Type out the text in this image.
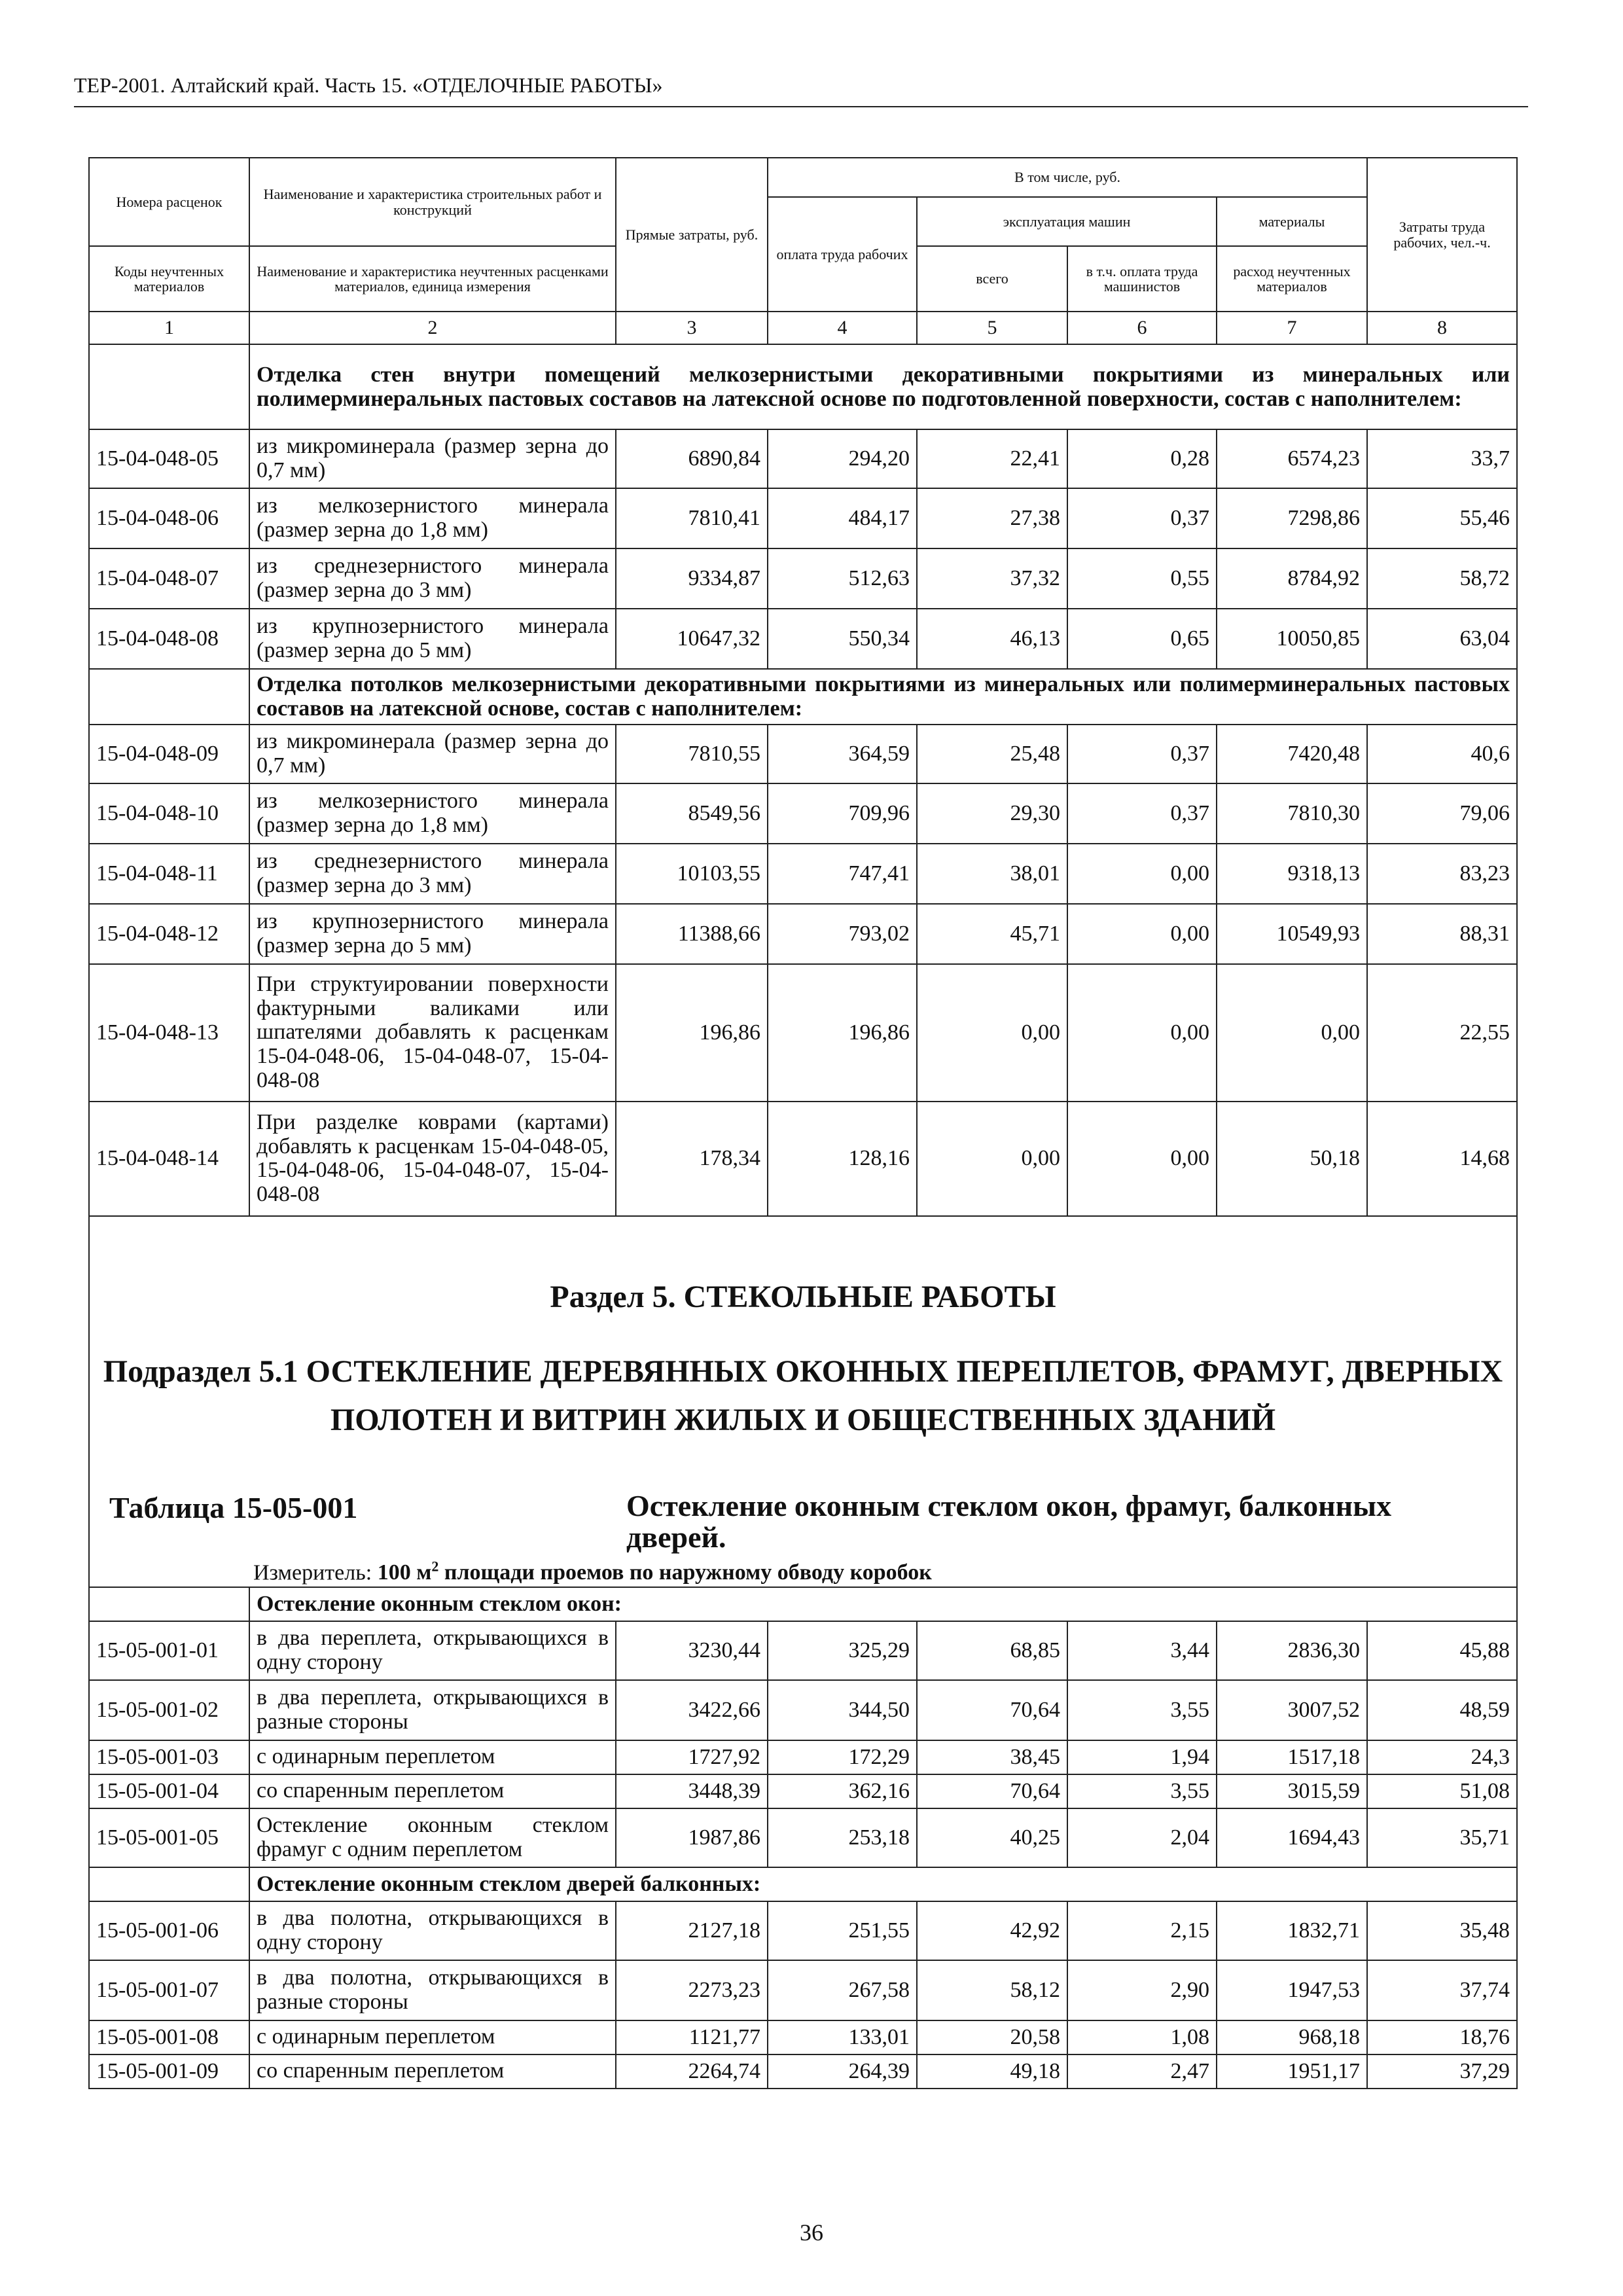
ТЕР-2001. Алтайский край. Часть 15. «ОТДЕЛОЧНЫЕ РАБОТЫ»
Номера расценок	Наименование и характеристика строительных работ и конструкций	Прямые затраты, руб.	В том числе, руб.				Затраты труда рабочих, чел.-ч.
			оплата труда рабочих	эксплуатация машин		материалы	
Коды неучтенных материалов	Наименование и характеристика неучтенных расценками материалов, единица измерения			всего	в т.ч. оплата труда машинистов	расход неучтенных материалов	
1	2	3	4	5	6	7	8
	Отделка стен внутри помещений мелкозернистыми декоративными покрытиями из минеральных или полимерминеральных пастовых составов на латексной основе по подготовленной поверхности, состав с наполнителем:						
15-04-048-05	из микроминерала (размер зерна до 0,7 мм)	6890,84	294,20	22,41	0,28	6574,23	33,7
15-04-048-06	из мелкозернистого минерала (размер зерна до 1,8 мм)	7810,41	484,17	27,38	0,37	7298,86	55,46
15-04-048-07	из среднезернистого минерала (размер зерна до 3 мм)	9334,87	512,63	37,32	0,55	8784,92	58,72
15-04-048-08	из крупнозернистого минерала (размер зерна до 5 мм)	10647,32	550,34	46,13	0,65	10050,85	63,04
	Отделка потолков мелкозернистыми декоративными покрытиями из минеральных или полимерминеральных пастовых составов на латексной основе, состав с наполнителем:						
15-04-048-09	из микроминерала (размер зерна до 0,7 мм)	7810,55	364,59	25,48	0,37	7420,48	40,6
15-04-048-10	из мелкозернистого минерала (размер зерна до 1,8 мм)	8549,56	709,96	29,30	0,37	7810,30	79,06
15-04-048-11	из среднезернистого минерала (размер зерна до 3 мм)	10103,55	747,41	38,01	0,00	9318,13	83,23
15-04-048-12	из крупнозернистого минерала (размер зерна до 5 мм)	11388,66	793,02	45,71	0,00	10549,93	88,31
15-04-048-13	При структуировании поверхности фактурными валиками или шпателями добавлять к расценкам 15-04-048-06, 15-04-048-07, 15-04-048-08	196,86	196,86	0,00	0,00	0,00	22,55
15-04-048-14	При разделке коврами (картами) добавлять к расценкам 15-04-048-05, 15-04-048-06, 15-04-048-07, 15-04-048-08	178,34	128,16	0,00	0,00	50,18	14,68

Раздел 5. СТЕКОЛЬНЫЕ РАБОТЫ
Подраздел 5.1 ОСТЕКЛЕНИЕ ДЕРЕВЯННЫХ ОКОННЫХ ПЕРЕПЛЕТОВ, ФРАМУГ, ДВЕРНЫХ ПОЛОТЕН И ВИТРИН ЖИЛЫХ И ОБЩЕСТВЕННЫХ ЗДАНИЙ
Таблица 15-05-001 Остекление оконным стеклом окон, фрамуг, балконных дверей.
Измеритель: 100 $м^2$ площади проемов по наружному обводу коробок							

	Остекление оконным стеклом окон:						
15-05-001-01	в два переплета, открывающихся в одну сторону	3230,44	325,29	68,85	3,44	2836,30	45,88
15-05-001-02	в два переплета, открывающихся в разные стороны	3422,66	344,50	70,64	3,55	3007,52	48,59
15-05-001-03	с одинарным переплетом	1727,92	172,29	38,45	1,94	1517,18	24,3
15-05-001-04	со спаренным переплетом	3448,39	362,16	70,64	3,55	3015,59	51,08
15-05-001-05	Остекление оконным стеклом фрамуг с одним переплетом	1987,86	253,18	40,25	2,04	1694,43	35,71
	Остекление оконным стеклом дверей балконных:						
15-05-001-06	в два полотна, открывающихся в одну сторону	2127,18	251,55	42,92	2,15	1832,71	35,48
15-05-001-07	в два полотна, открывающихся в разные стороны	2273,23	267,58	58,12	2,90	1947,53	37,74
15-05-001-08	с одинарным переплетом	1121,77	133,01	20,58	1,08	968,18	18,76
15-05-001-09	со спаренным переплетом	2264,74	264,39	49,18	2,47	1951,17	37,29
36
